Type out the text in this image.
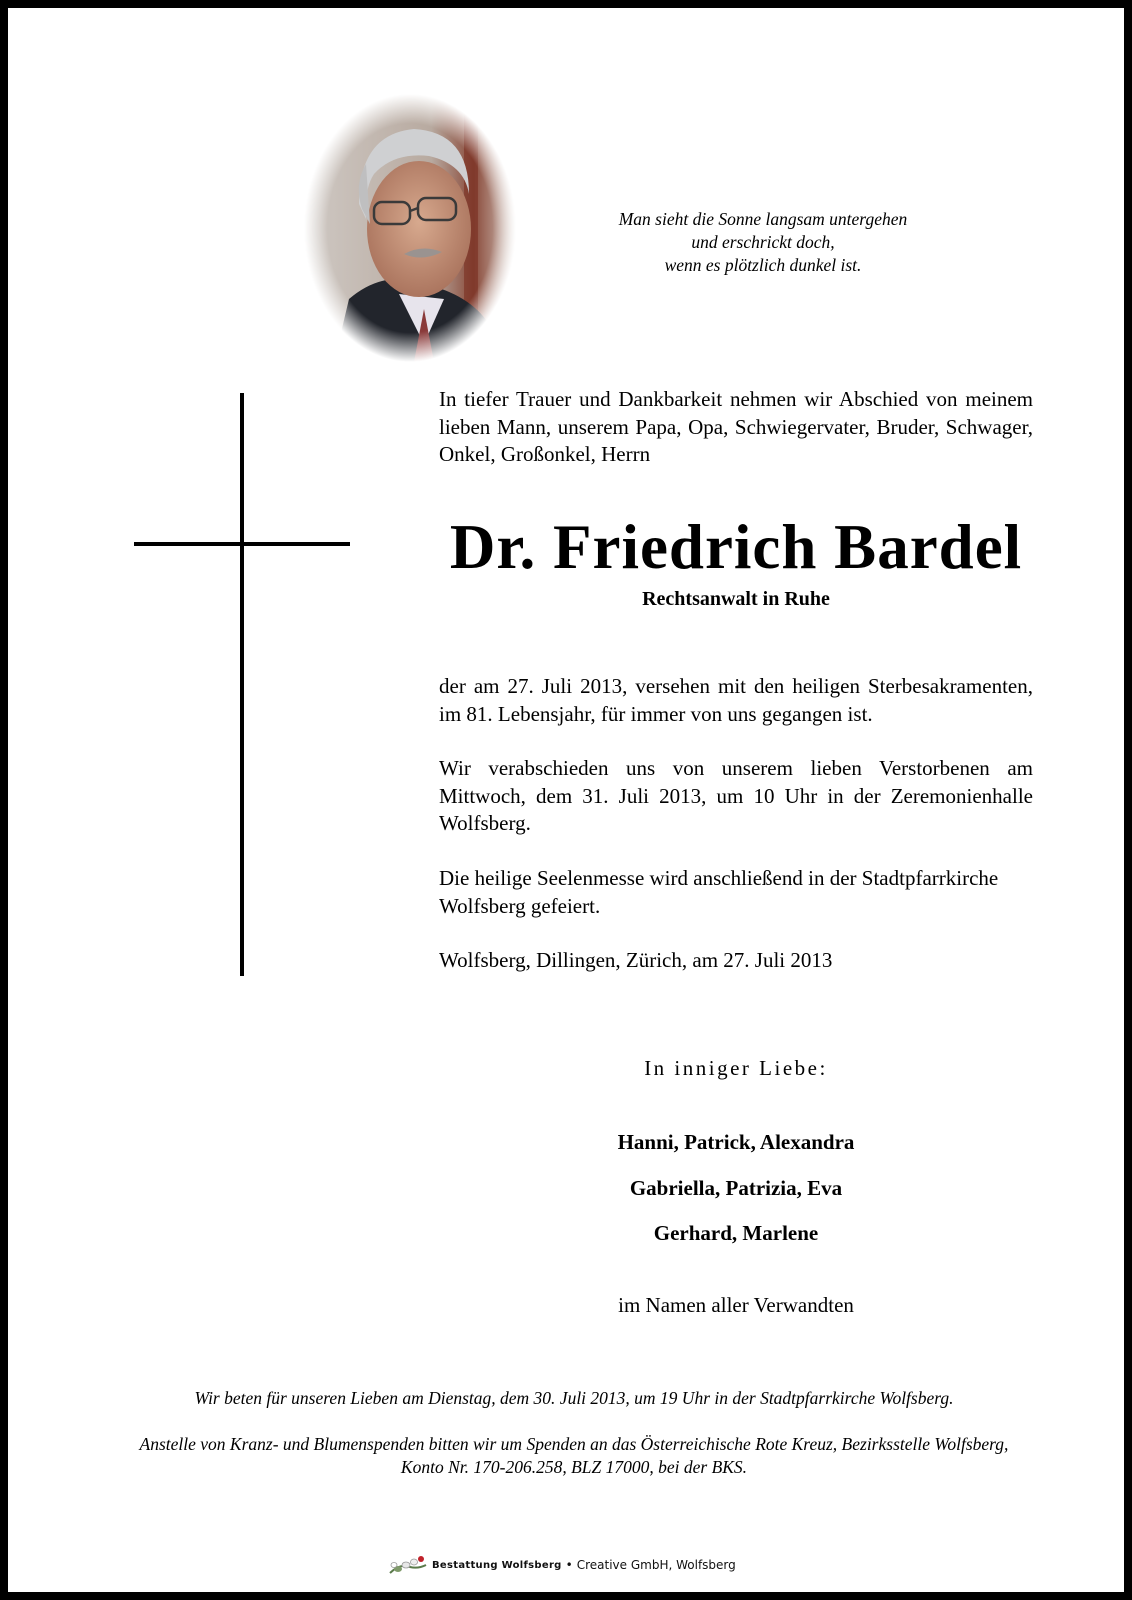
Man sieht die Sonne langsam untergehen
und erschrickt doch,
wenn es plötzlich dunkel ist.
In tiefer Trauer und Dankbarkeit nehmen wir Abschied von meinem lieben Mann, unserem Papa, Opa, Schwiegervater, Bruder, Schwager, Onkel, Großonkel, Herrn
Dr. Friedrich Bardel
Rechtsanwalt in Ruhe
der am 27. Juli 2013, versehen mit den heiligen Sterbesakramenten, im 81. Lebensjahr, für immer von uns gegangen ist.
Wir verabschieden uns von unserem lieben Verstorbenen am Mittwoch, dem 31. Juli 2013, um 10 Uhr in der Zeremonienhalle Wolfsberg.
Die heilige Seelenmesse wird anschließend in der Stadtpfarrkirche Wolfsberg gefeiert.
Wolfsberg, Dillingen, Zürich, am 27. Juli 2013
In inniger Liebe:
Hanni, Patrick, Alexandra
Gabriella, Patrizia, Eva
Gerhard, Marlene
im Namen aller Verwandten
Wir beten für unseren Lieben am Dienstag, dem 30. Juli 2013, um 19 Uhr in der Stadtpfarrkirche Wolfsberg.
Anstelle von Kranz- und Blumenspenden bitten wir um Spenden an das Österreichische Rote Kreuz, Bezirksstelle Wolfsberg,
Konto Nr. 170-206.258, BLZ 17000, bei der BKS.
Bestattung Wolfsberg • Creative GmbH, Wolfsberg
